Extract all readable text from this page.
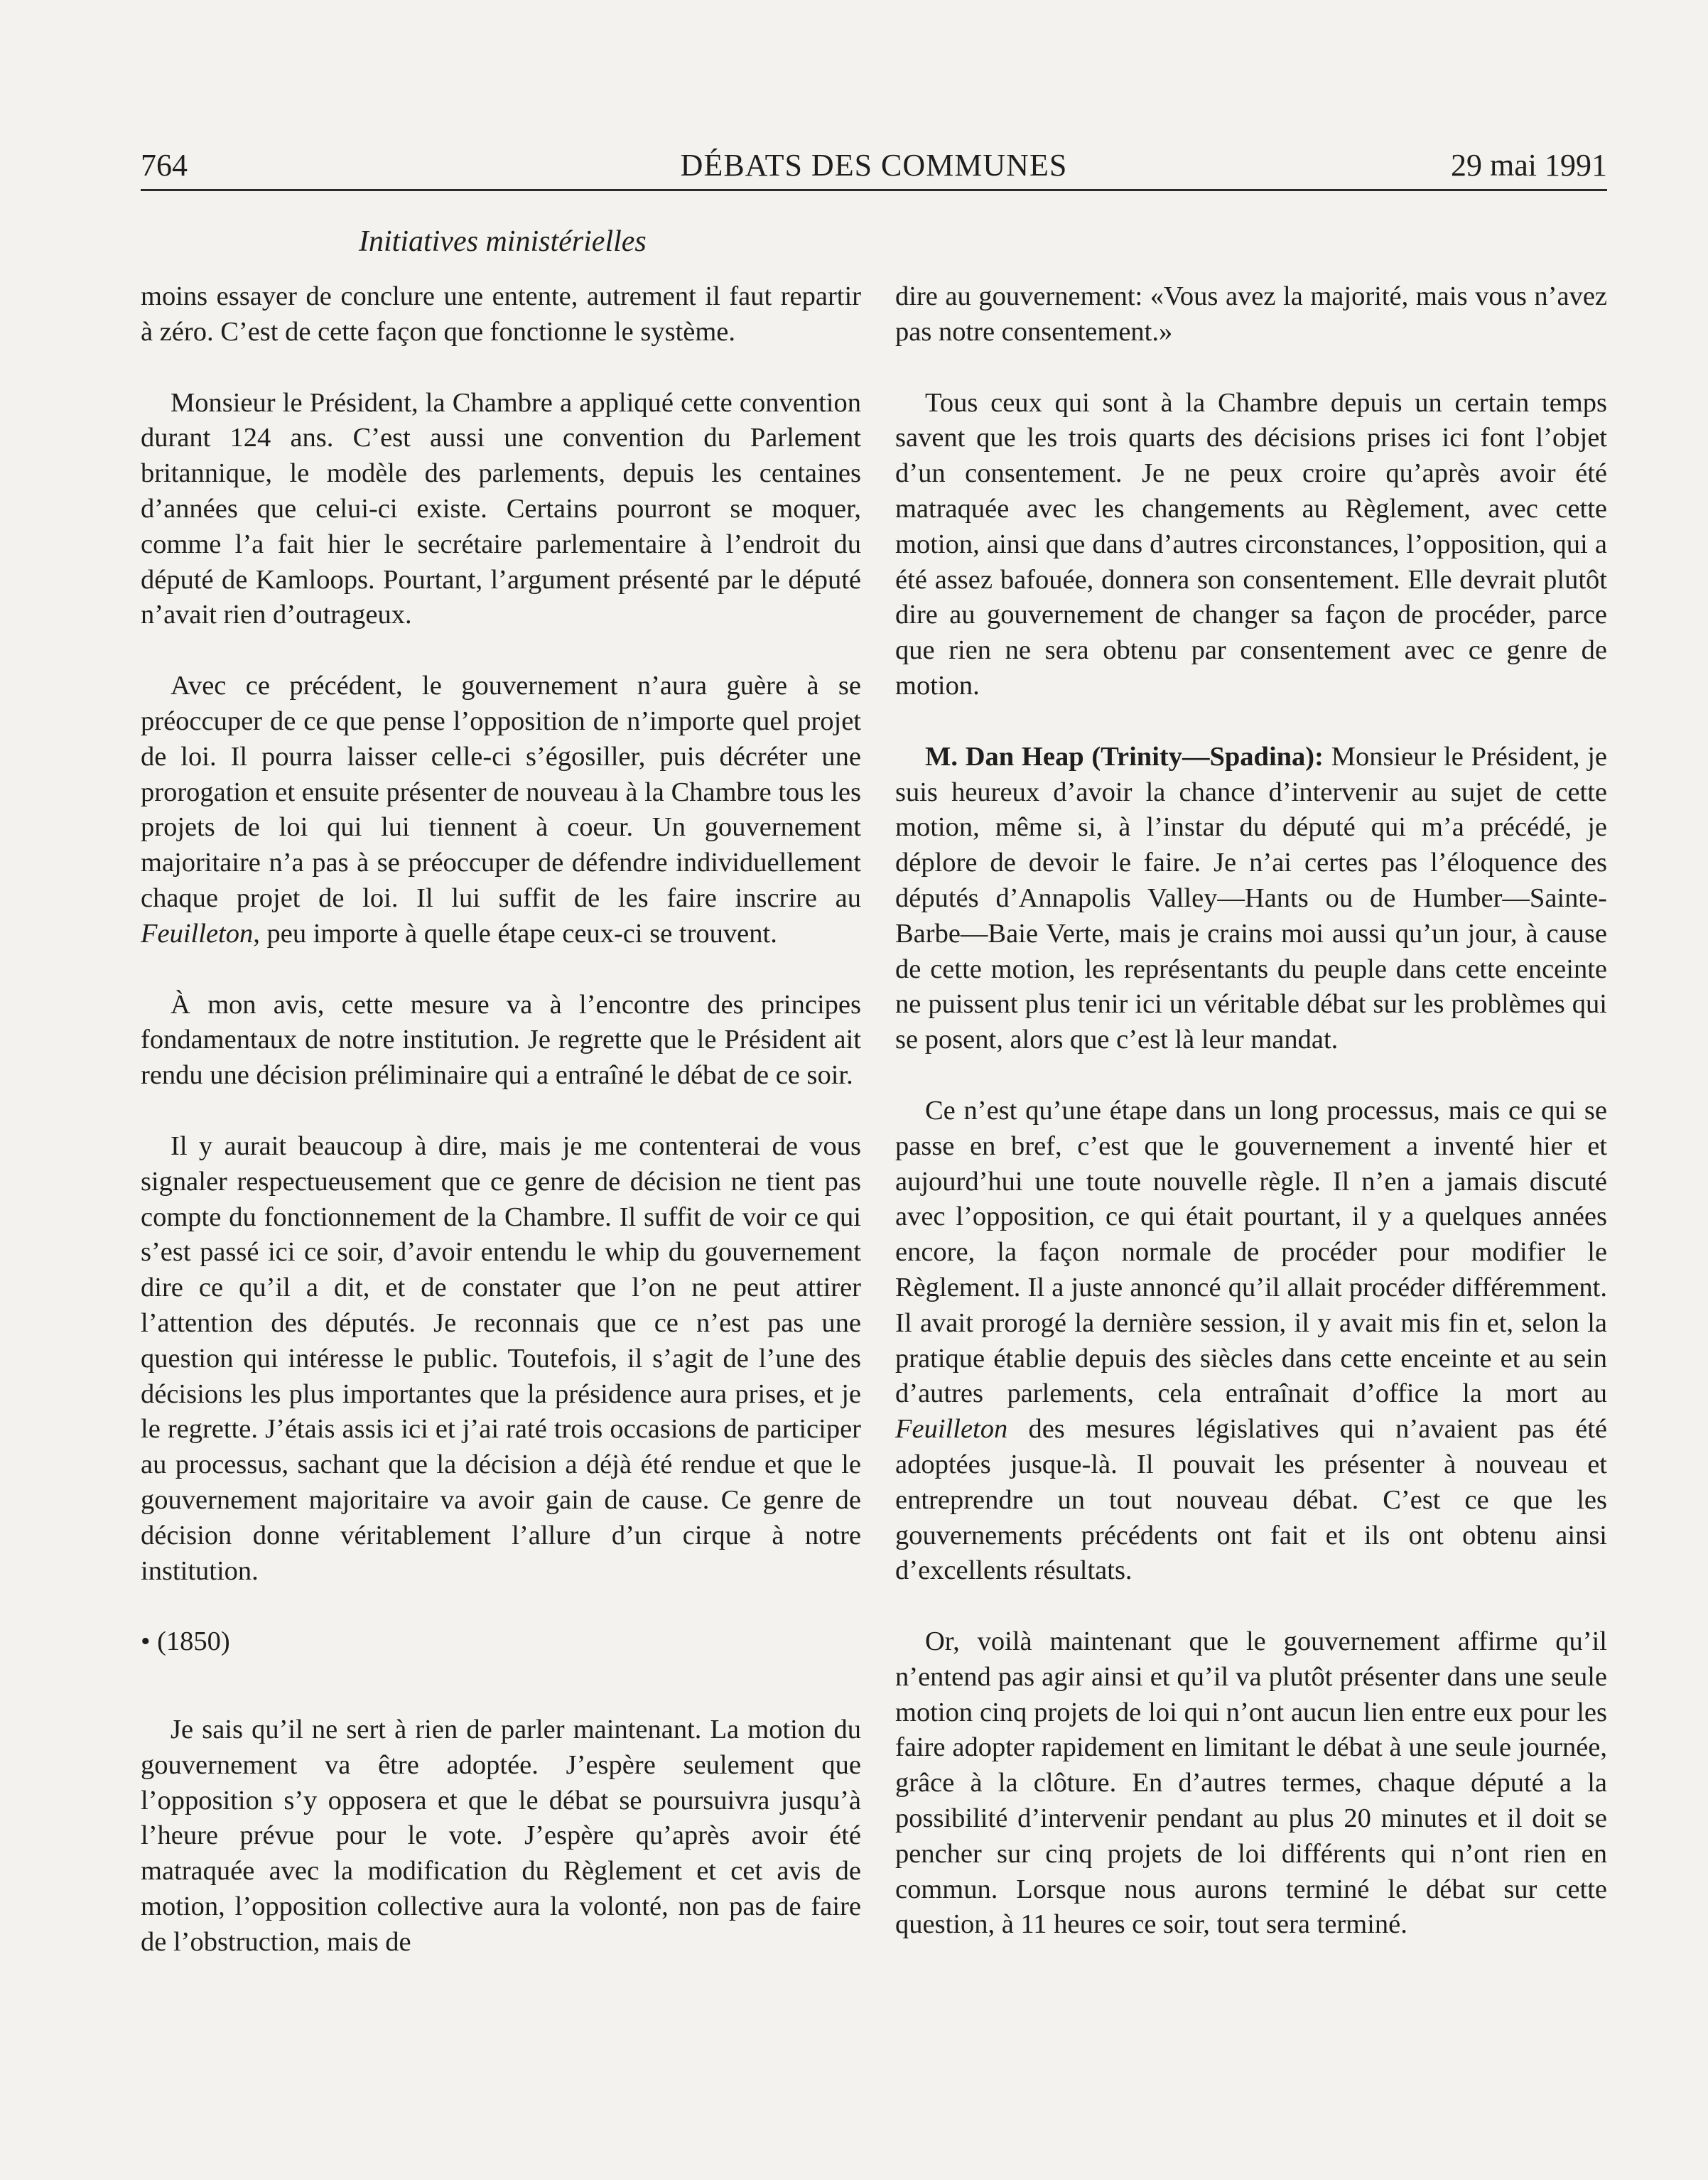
764	DÉBATS DES COMMUNES	29 mai 1991
Initiatives ministérielles

moins essayer de conclure une entente, autrement il faut repartir à zéro. C’est de cette façon que fonctionne le système.

Monsieur le Président, la Chambre a appliqué cette convention durant 124 ans. C’est aussi une convention du Parlement britannique, le modèle des parlements, depuis les centaines d’années que celui-ci existe. Certains pourront se moquer, comme l’a fait hier le secrétaire parlementaire à l’endroit du député de Kamloops. Pourtant, l’argument présenté par le député n’avait rien d’outrageux.

Avec ce précédent, le gouvernement n’aura guère à se préoccuper de ce que pense l’opposition de n’importe quel projet de loi. Il pourra laisser celle-ci s’égosiller, puis décréter une prorogation et ensuite présenter de nouveau à la Chambre tous les projets de loi qui lui tiennent à coeur. Un gouvernement majoritaire n’a pas à se préoccuper de défendre individuellement chaque projet de loi. Il lui suffit de les faire inscrire au Feuilleton, peu importe à quelle étape ceux-ci se trouvent.

À mon avis, cette mesure va à l’encontre des principes fondamentaux de notre institution. Je regrette que le Président ait rendu une décision préliminaire qui a entraîné le débat de ce soir.

Il y aurait beaucoup à dire, mais je me contenterai de vous signaler respectueusement que ce genre de décision ne tient pas compte du fonctionnement de la Chambre. Il suffit de voir ce qui s’est passé ici ce soir, d’avoir entendu le whip du gouvernement dire ce qu’il a dit, et de constater que l’on ne peut attirer l’attention des députés. Je reconnais que ce n’est pas une question qui intéresse le public. Toutefois, il s’agit de l’une des décisions les plus importantes que la présidence aura prises, et je le regrette. J’étais assis ici et j’ai raté trois occasions de participer au processus, sachant que la décision a déjà été rendue et que le gouvernement majoritaire va avoir gain de cause. Ce genre de décision donne véritablement l’allure d’un cirque à notre institution.

• (1850)

Je sais qu’il ne sert à rien de parler maintenant. La motion du gouvernement va être adoptée. J’espère seulement que l’opposition s’y opposera et que le débat se poursuivra jusqu’à l’heure prévue pour le vote. J’espère qu’après avoir été matraquée avec la modification du Règlement et cet avis de motion, l’opposition collective aura la volonté, non pas de faire de l’obstruction, mais de

dire au gouvernement: «Vous avez la majorité, mais vous n’avez pas notre consentement.»

Tous ceux qui sont à la Chambre depuis un certain temps savent que les trois quarts des décisions prises ici font l’objet d’un consentement. Je ne peux croire qu’après avoir été matraquée avec les changements au Règlement, avec cette motion, ainsi que dans d’autres circonstances, l’opposition, qui a été assez bafouée, donnera son consentement. Elle devrait plutôt dire au gouvernement de changer sa façon de procéder, parce que rien ne sera obtenu par consentement avec ce genre de motion.

M. Dan Heap (Trinity—Spadina): Monsieur le Président, je suis heureux d’avoir la chance d’intervenir au sujet de cette motion, même si, à l’instar du député qui m’a précédé, je déplore de devoir le faire. Je n’ai certes pas l’éloquence des députés d’Annapolis Valley—Hants ou de Humber—Sainte-Barbe—Baie Verte, mais je crains moi aussi qu’un jour, à cause de cette motion, les représentants du peuple dans cette enceinte ne puissent plus tenir ici un véritable débat sur les problèmes qui se posent, alors que c’est là leur mandat.

Ce n’est qu’une étape dans un long processus, mais ce qui se passe en bref, c’est que le gouvernement a inventé hier et aujourd’hui une toute nouvelle règle. Il n’en a jamais discuté avec l’opposition, ce qui était pourtant, il y a quelques années encore, la façon normale de procéder pour modifier le Règlement. Il a juste annoncé qu’il allait procéder différemment. Il avait prorogé la dernière session, il y avait mis fin et, selon la pratique établie depuis des siècles dans cette enceinte et au sein d’autres parlements, cela entraînait d’office la mort au Feuilleton des mesures législatives qui n’avaient pas été adoptées jusque-là. Il pouvait les présenter à nouveau et entreprendre un tout nouveau débat. C’est ce que les gouvernements précédents ont fait et ils ont obtenu ainsi d’excellents résultats.

Or, voilà maintenant que le gouvernement affirme qu’il n’entend pas agir ainsi et qu’il va plutôt présenter dans une seule motion cinq projets de loi qui n’ont aucun lien entre eux pour les faire adopter rapidement en limitant le débat à une seule journée, grâce à la clôture. En d’autres termes, chaque député a la possibilité d’intervenir pendant au plus 20 minutes et il doit se pencher sur cinq projets de loi différents qui n’ont rien en commun. Lorsque nous aurons terminé le débat sur cette question, à 11 heures ce soir, tout sera terminé.
